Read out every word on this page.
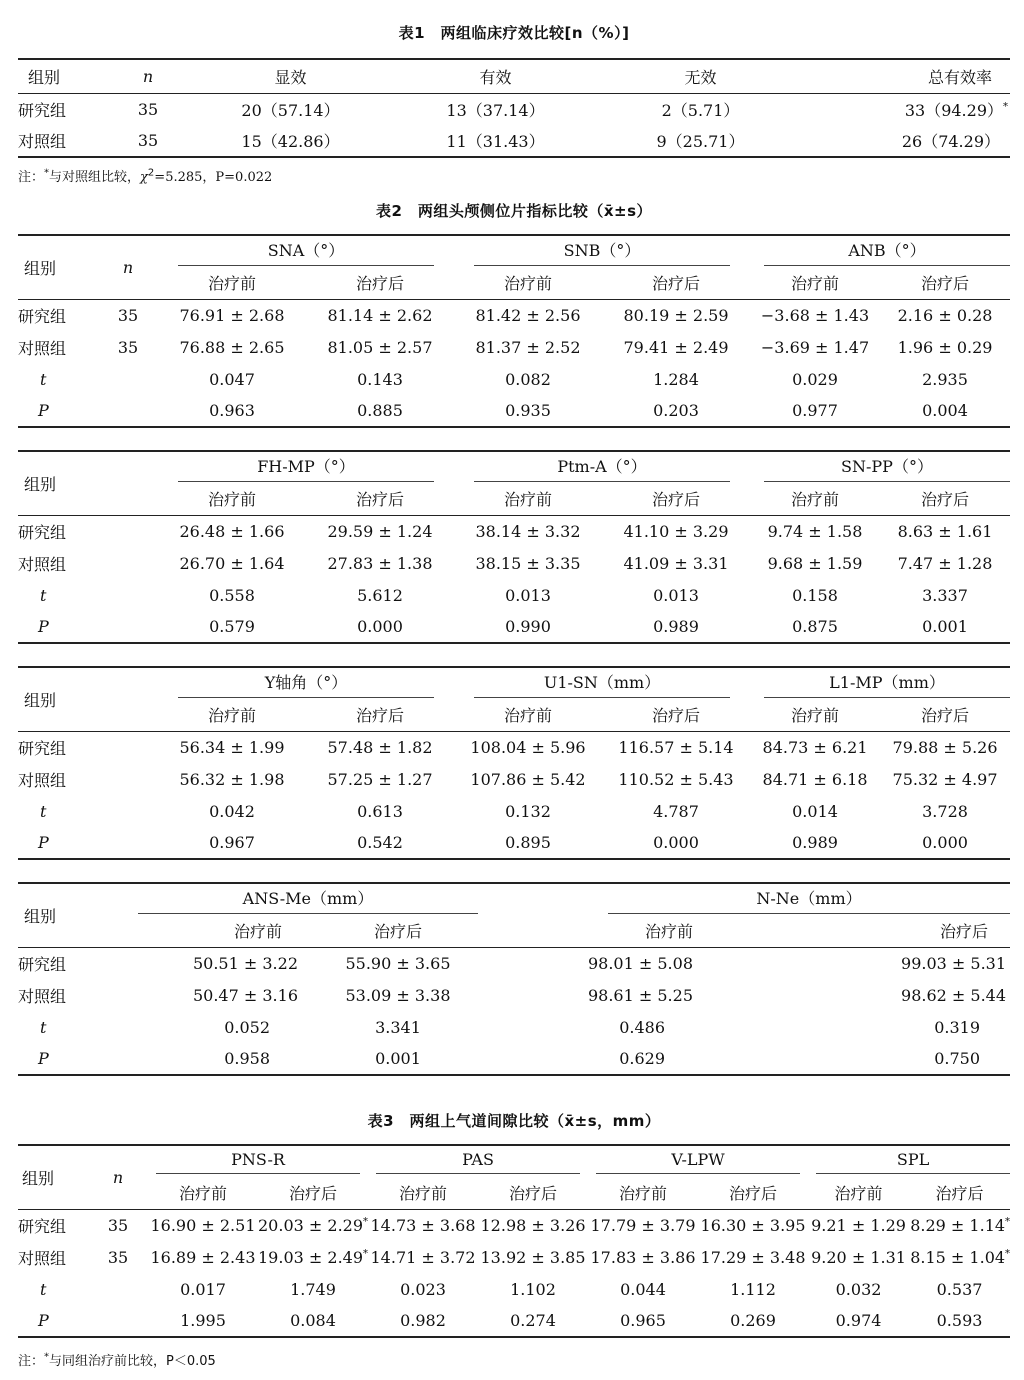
表1　两组临床疗效比较[n（%）]
组别	n	显效	有效	无效	总有效率
研究组	35	20（57.14）	13（37.14）	2（5.71）	33（94.29）*
对照组	35	15（42.86）	11（31.43）	9（25.71）	26（74.29）
注：*与对照组比较，$\chi^2=5.285$，P=0.022
表2　两组头颅侧位片指标比较（x̄±s）
组别	n	SNA（°）		SNB（°）		ANB（°）	

		治疗前	治疗后	治疗前	治疗后	治疗前	治疗后
研究组	35	76.91 ± 2.68	81.14 ± 2.62	81.42 ± 2.56	80.19 ± 2.59	−3.68 ± 1.43	2.16 ± 0.28
对照组	35	76.88 ± 2.65	81.05 ± 2.57	81.37 ± 2.52	79.41 ± 2.49	−3.69 ± 1.47	1.96 ± 0.29
t		0.047	0.143	0.082	1.284	0.029	2.935
P		0.963	0.885	0.935	0.203	0.977	0.004
组别		FH-MP（°）		Ptm-A（°）		SN-PP（°）	

		治疗前	治疗后	治疗前	治疗后	治疗前	治疗后
研究组		26.48 ± 1.66	29.59 ± 1.24	38.14 ± 3.32	41.10 ± 3.29	9.74 ± 1.58	8.63 ± 1.61
对照组		26.70 ± 1.64	27.83 ± 1.38	38.15 ± 3.35	41.09 ± 3.31	9.68 ± 1.59	7.47 ± 1.28
t		0.558	5.612	0.013	0.013	0.158	3.337
P		0.579	0.000	0.990	0.989	0.875	0.001
组别		Y轴角（°）		U1-SN（mm）		L1-MP（mm）	

		治疗前	治疗后	治疗前	治疗后	治疗前	治疗后
研究组		56.34 ± 1.99	57.48 ± 1.82	108.04 ± 5.96	116.57 ± 5.14	84.73 ± 6.21	79.88 ± 5.26
对照组		56.32 ± 1.98	57.25 ± 1.27	107.86 ± 5.42	110.52 ± 5.43	84.71 ± 6.18	75.32 ± 4.97
t		0.042	0.613	0.132	4.787	0.014	3.728
P		0.967	0.542	0.895	0.000	0.989	0.000
组别	ANS-Me（mm）		N-Ne（mm）	

	治疗前	治疗后	治疗前	治疗后
研究组	50.51 ± 3.22	55.90 ± 3.65	98.01 ± 5.08	99.03 ± 5.31
对照组	50.47 ± 3.16	53.09 ± 3.38	98.61 ± 5.25	98.62 ± 5.44
t	0.052	3.341	0.486	0.319
P	0.958	0.001	0.629	0.750
表3　两组上气道间隙比较（x̄±s，mm）
组别	n	PNS-R		PAS		V-LPW		SPL	

		治疗前	治疗后	治疗前	治疗后	治疗前	治疗后	治疗前	治疗后
研究组	35	16.90 ± 2.51	20.03 ± 2.29*	14.73 ± 3.68	12.98 ± 3.26	17.79 ± 3.79	16.30 ± 3.95	9.21 ± 1.29	8.29 ± 1.14*
对照组	35	16.89 ± 2.43	19.03 ± 2.49*	14.71 ± 3.72	13.92 ± 3.85	17.83 ± 3.86	17.29 ± 3.48	9.20 ± 1.31	8.15 ± 1.04*
t		0.017	1.749	0.023	1.102	0.044	1.112	0.032	0.537
P		1.995	0.084	0.982	0.274	0.965	0.269	0.974	0.593
注：*与同组治疗前比较，P＜0.05
